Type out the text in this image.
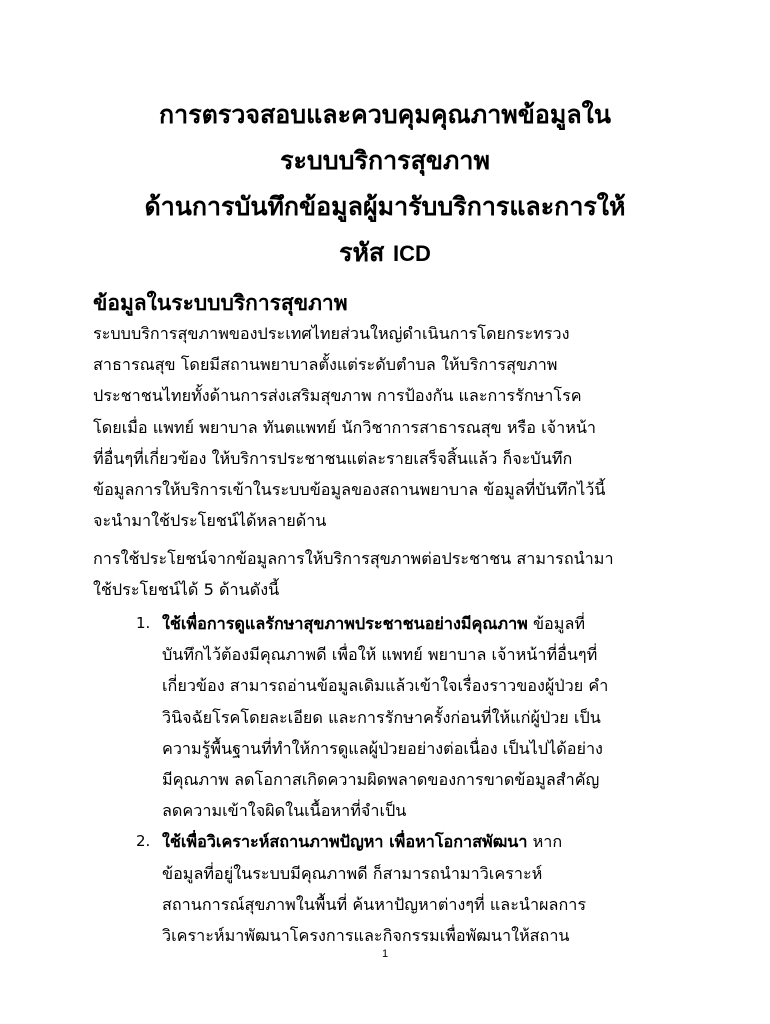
การตรวจสอบและควบคุมคุณภาพข้อมูลใน
ระบบบริการสุขภาพ
ด้านการบันทึกข้อมูลผู้มารับบริการและการให้
รหัส ICD
ข้อมูลในระบบบริการสุขภาพ
ระบบบริการสุขภาพของประเทศไทยส่วนใหญ่ดำเนินการโดยกระทรวง
สาธารณสุข โดยมีสถานพยาบาลตั้งแต่ระดับตำบล ให้บริการสุขภาพ
ประชาชนไทยทั้งด้านการส่งเสริมสุขภาพ การป้องกัน และการรักษาโรค
โดยเมื่อ แพทย์ พยาบาล ทันตแพทย์ นักวิชาการสาธารณสุข หรือ เจ้าหน้า
ที่อื่นๆที่เกี่ยวข้อง ให้บริการประชาชนแต่ละรายเสร็จสิ้นแล้ว ก็จะบันทึก
ข้อมูลการให้บริการเข้าในระบบข้อมูลของสถานพยาบาล ข้อมูลที่บันทึกไว้นี้
จะนำมาใช้ประโยชน์ได้หลายด้าน
การใช้ประโยชน์จากข้อมูลการให้บริการสุขภาพต่อประชาชน สามารถนำมา
ใช้ประโยชน์ได้ 5 ด้านดังนี้
1. ใช้เพื่อการดูแลรักษาสุขภาพประชาชนอย่างมีคุณภาพ ข้อมูลที่
บันทึกไว้ต้องมีคุณภาพดี เพื่อให้ แพทย์ พยาบาล เจ้าหน้าที่อื่นๆที่
เกี่ยวข้อง สามารถอ่านข้อมูลเดิมแล้วเข้าใจเรื่องราวของผู้ป่วย คำ
วินิจฉัยโรคโดยละเอียด และการรักษาครั้งก่อนที่ให้แก่ผู้ป่วย เป็น
ความรู้พื้นฐานที่ทำให้การดูแลผู้ป่วยอย่างต่อเนื่อง เป็นไปได้อย่าง
มีคุณภาพ ลดโอกาสเกิดความผิดพลาดของการขาดข้อมูลสำคัญ
ลดความเข้าใจผิดในเนื้อหาที่จำเป็น
2. ใช้เพื่อวิเคราะห์สถานภาพปัญหา เพื่อหาโอกาสพัฒนา หาก
ข้อมูลที่อยู่ในระบบมีคุณภาพดี ก็สามารถนำมาวิเคราะห์
สถานการณ์สุขภาพในพื้นที่ ค้นหาปัญหาต่างๆที่ และนำผลการ
วิเคราะห์มาพัฒนาโครงการและกิจกรรมเพื่อพัฒนาให้สถาน
1
